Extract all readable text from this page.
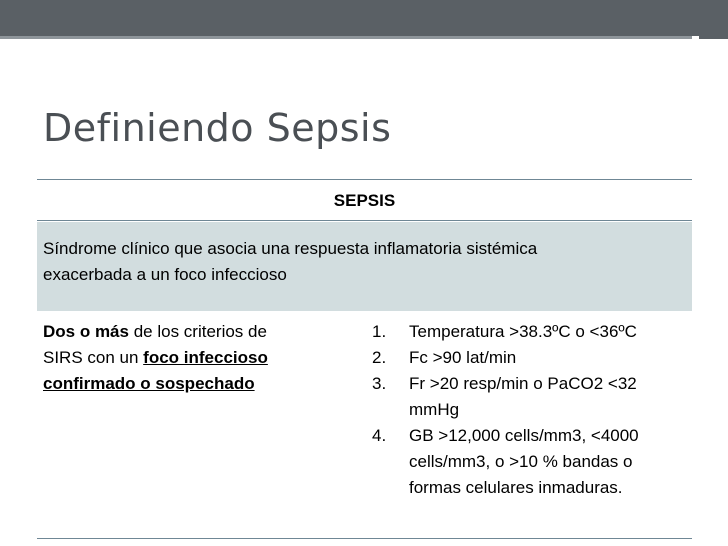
Definiendo Sepsis
SEPSIS
Síndrome clínico que asocia una respuesta inflamatoria sistémica
exacerbada a un foco infeccioso
Dos o más de los criterios de
SIRS con un foco infeccioso
confirmado o sospechado
1. Temperatura >38.3ºC o <36ºC
2. Fc >90 lat/min
3. Fr >20 resp/min o PaCO2 <32
mmHg
4. GB >12,000 cells/mm3, <4000
cells/mm3, o >10 % bandas o
formas celulares inmaduras.
